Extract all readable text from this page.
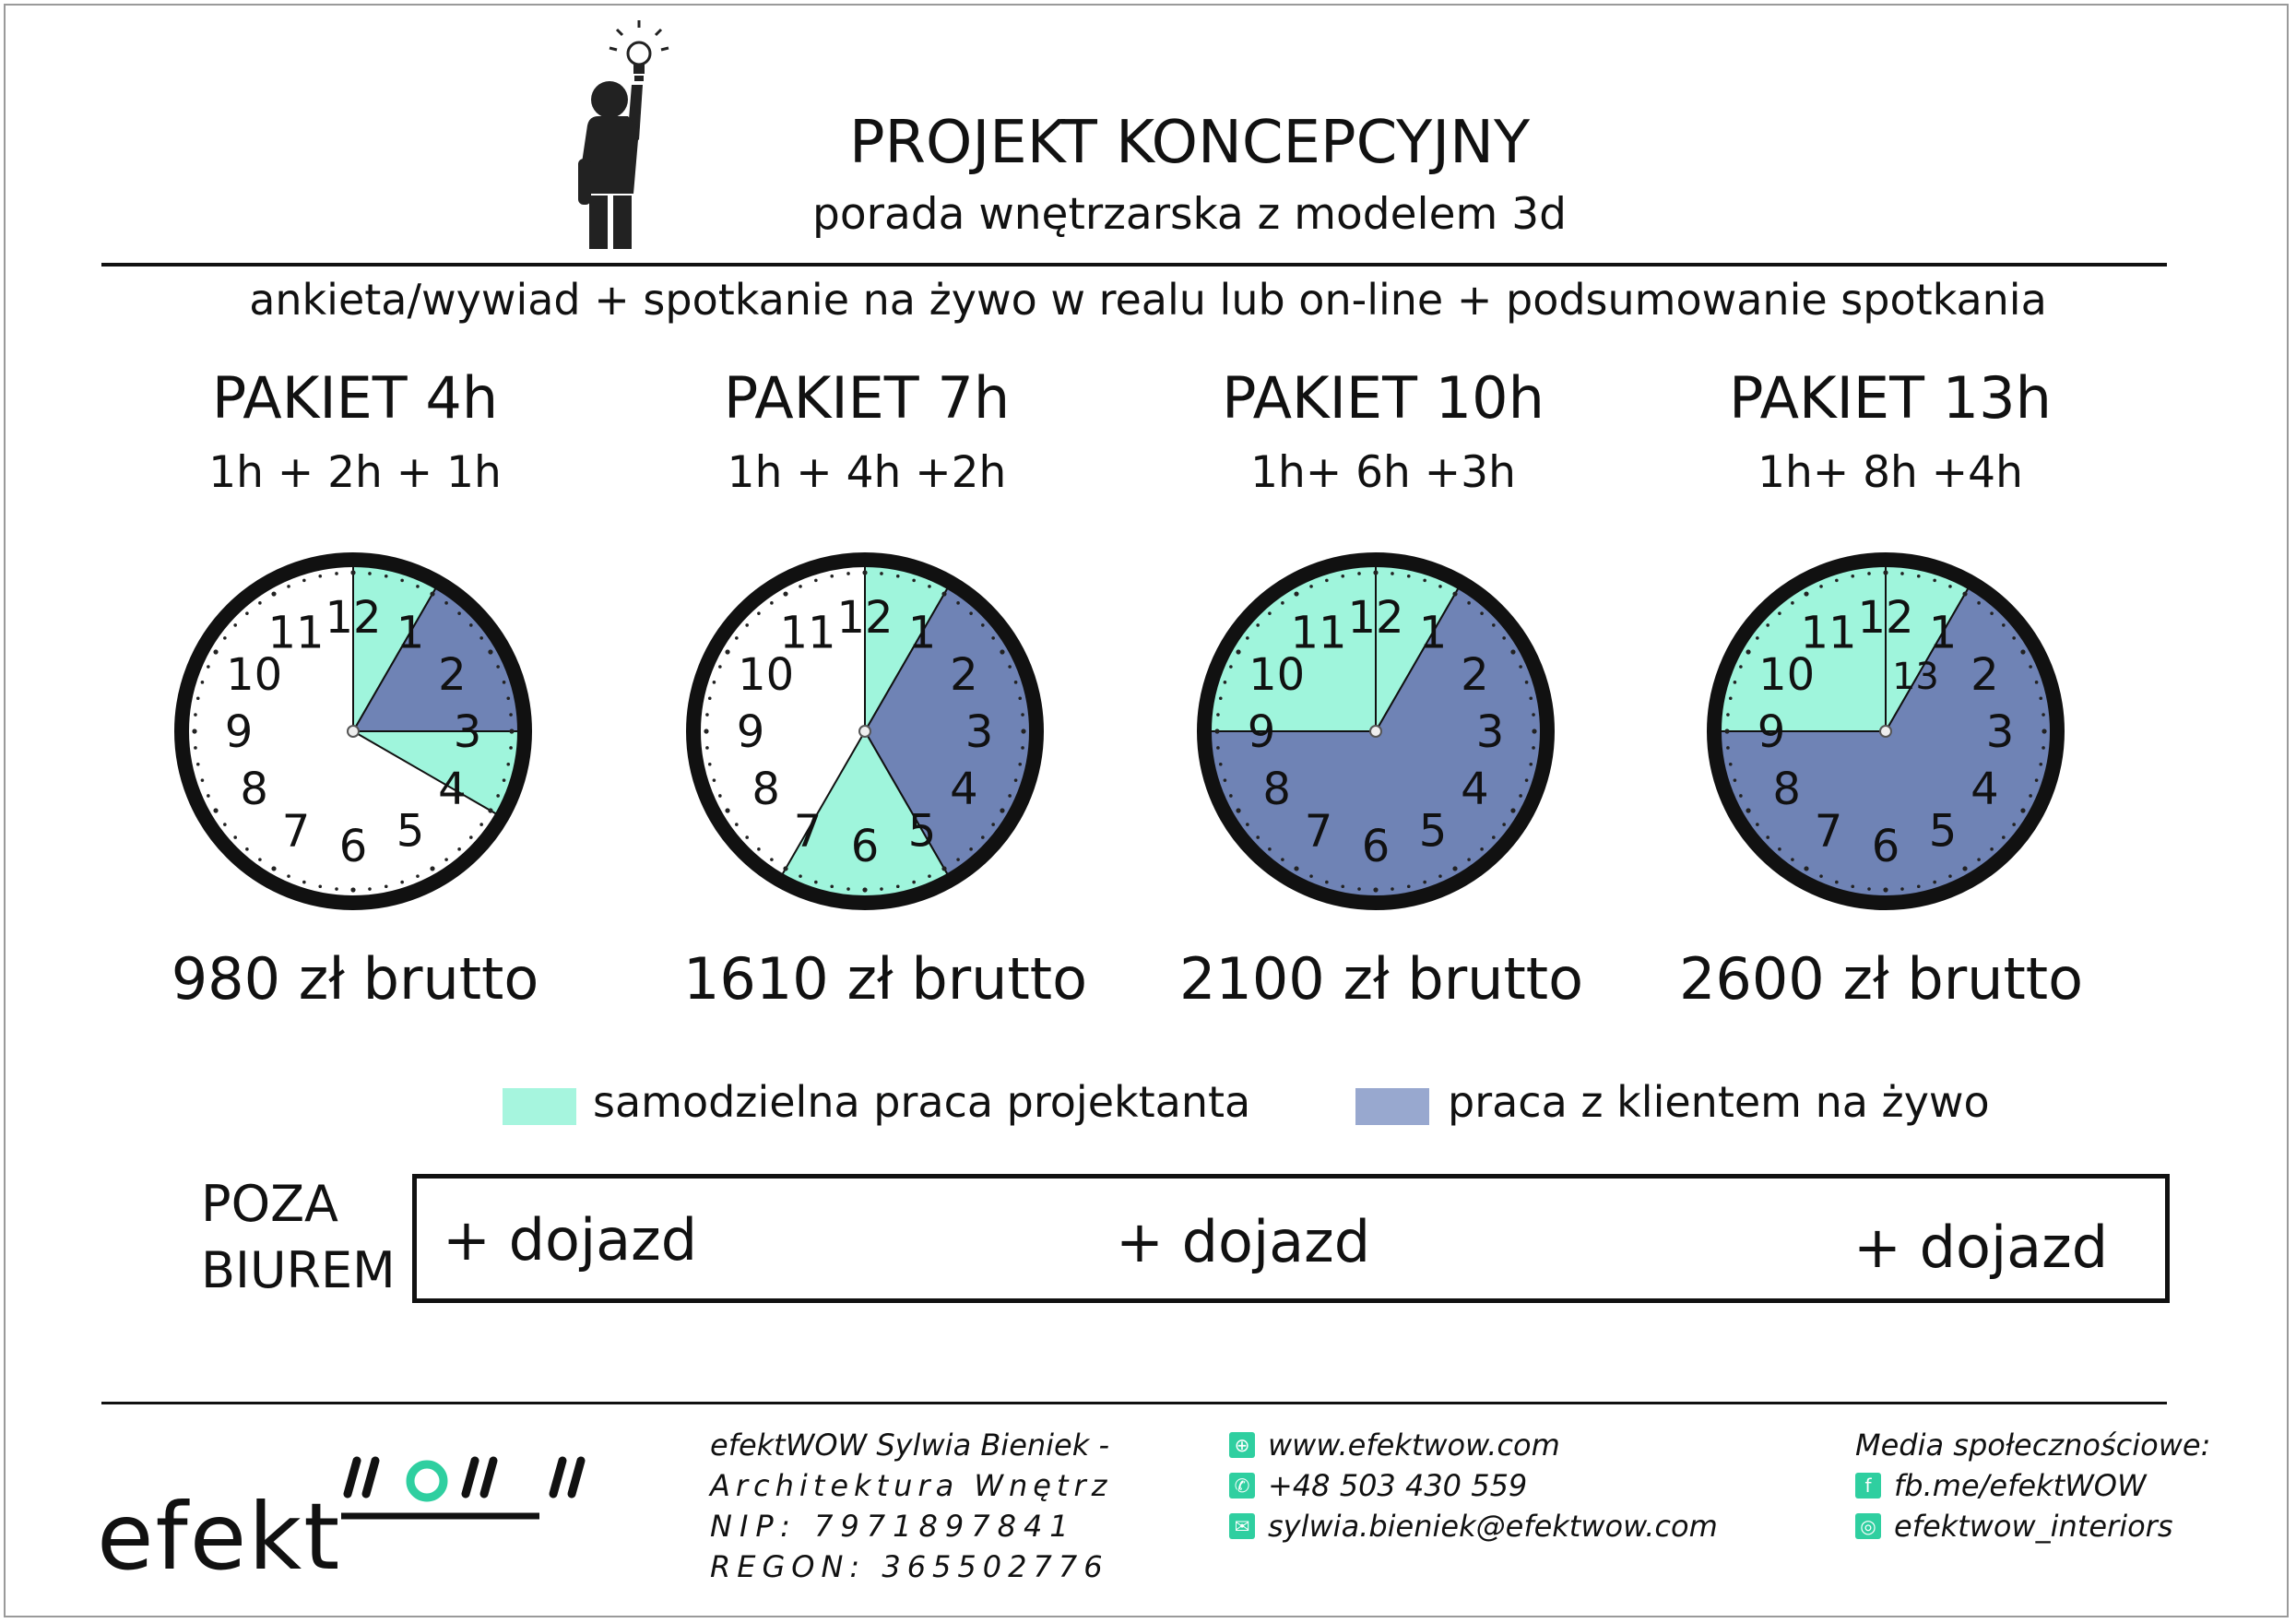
PROJEKT KONCEPCYJNY
porada wnętrzarska z modelem 3d
ankieta/wywiad + spotkanie na żywo w realu lub on-line + podsumowanie spotkania
PAKIET 4h
1h + 2h + 1h
PAKIET 7h
1h + 4h +2h
PAKIET 10h
1h+ 6h +3h
PAKIET 13h
1h+ 8h +4h
12 1
2
3
4
5
6
7
8
9
10
11	12 1
2
3
4
5
6
7
8
9
10
11	12 1
2
3
4
5
6
7
8
9
10
11	12 1
2
3
4
5
6
7
8
9
10
11
13
980 zł brutto	1610 zł brutto	2100 zł brutto	2600 zł brutto
samodzielna praca projektanta	praca z klientem na żywo
POZA
BIUREM + dojazd	+ dojazd	+ dojazd
efekt
efektWOW Sylwia Bieniek -
Architektura Wnętrz
NIP: 7971897841
REGON: 365502776
⊕ www.efektwow.com
✆ +48 503 430 559
✉ sylwia.bieniek@efektwow.com
Media społecznościowe:
f fb.me/efektWOW
◎ efektwow_interiors
